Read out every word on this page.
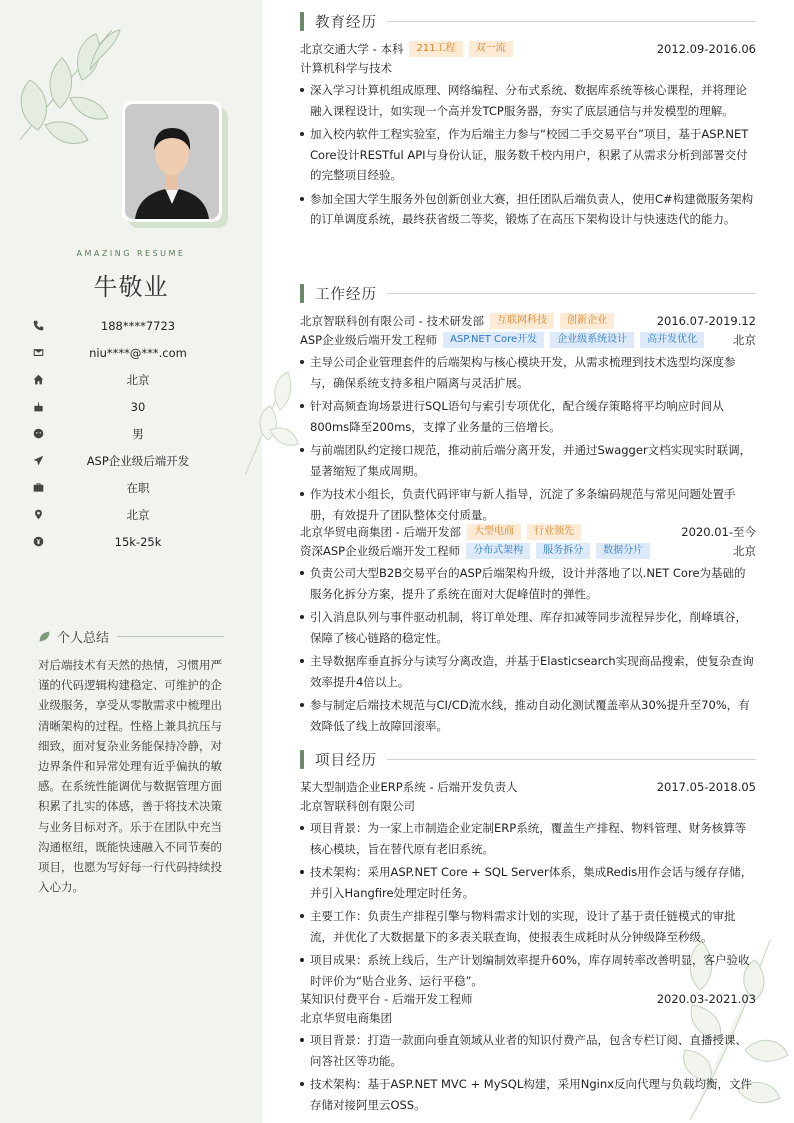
AMAZING RESUME
牛敬业
188****7723
niu****@***.com
北京
30
男
ASP企业级后端开发
在职
北京
15k-25k
个人总结
对后端技术有天然的热情，习惯用严谨的代码逻辑构建稳定、可维护的企业级服务，享受从零散需求中梳理出清晰架构的过程。性格上兼具抗压与细致，面对复杂业务能保持冷静，对边界条件和异常处理有近乎偏执的敏感。在系统性能调优与数据管理方面积累了扎实的体感，善于将技术决策与业务目标对齐。乐于在团队中充当沟通枢纽，既能快速融入不同节奏的项目，也愿为写好每一行代码持续投入心力。
教育经历
北京交通大学 - 本科	211工程	双一流	2012.09-2016.06
计算机科学与技术
深入学习计算机组成原理、网络编程、分布式系统、数据库系统等核心课程，并将理论融入课程设计，如实现一个高并发TCP服务器，夯实了底层通信与并发模型的理解。
加入校内软件工程实验室，作为后端主力参与“校园二手交易平台”项目，基于ASP.NET Core设计RESTful API与身份认证，服务数千校内用户，积累了从需求分析到部署交付的完整项目经验。
参加全国大学生服务外包创新创业大赛，担任团队后端负责人，使用C#构建微服务架构的订单调度系统，最终获省级二等奖，锻炼了在高压下架构设计与快速迭代的能力。
工作经历
北京智联科创有限公司 - 技术研发部	互联网科技	创新企业	2016.07-2019.12
ASP企业级后端开发工程师	ASP.NET Core开发	企业级系统设计	高并发优化	北京
主导公司企业管理套件的后端架构与核心模块开发，从需求梳理到技术选型均深度参与，确保系统支持多租户隔离与灵活扩展。
针对高频查询场景进行SQL语句与索引专项优化，配合缓存策略将平均响应时间从800ms降至200ms，支撑了业务量的三倍增长。
与前端团队约定接口规范，推动前后端分离开发，并通过Swagger文档实现实时联调，显著缩短了集成周期。
作为技术小组长，负责代码评审与新人指导，沉淀了多条编码规范与常见问题处置手册，有效提升了团队整体交付质量。
北京华贸电商集团 - 后端开发部	大型电商	行业领先	2020.01-至今
资深ASP企业级后端开发工程师	分布式架构	服务拆分	数据分片	北京
负责公司大型B2B交易平台的ASP后端架构升级，设计并落地了以.NET Core为基础的服务化拆分方案，提升了系统在面对大促峰值时的弹性。
引入消息队列与事件驱动机制，将订单处理、库存扣减等同步流程异步化，削峰填谷，保障了核心链路的稳定性。
主导数据库垂直拆分与读写分离改造，并基于Elasticsearch实现商品搜索，使复杂查询效率提升4倍以上。
参与制定后端技术规范与CI/CD流水线，推动自动化测试覆盖率从30%提升至70%，有效降低了线上故障回滚率。
项目经历
某大型制造企业ERP系统 - 后端开发负责人	2017.05-2018.05
北京智联科创有限公司
项目背景：为一家上市制造企业定制ERP系统，覆盖生产排程、物料管理、财务核算等核心模块，旨在替代原有老旧系统。
技术架构：采用ASP.NET Core + SQL Server体系，集成Redis用作会话与缓存存储，并引入Hangfire处理定时任务。
主要工作：负责生产排程引擎与物料需求计划的实现，设计了基于责任链模式的审批流，并优化了大数据量下的多表关联查询，使报表生成耗时从分钟级降至秒级。
项目成果：系统上线后，生产计划编制效率提升60%，库存周转率改善明显，客户验收时评价为“贴合业务、运行平稳”。
某知识付费平台 - 后端开发工程师	2020.03-2021.03
北京华贸电商集团
项目背景：打造一款面向垂直领域从业者的知识付费产品，包含专栏订阅、直播授课、问答社区等功能。
技术架构：基于ASP.NET MVC + MySQL构建，采用Nginx反向代理与负载均衡，文件存储对接阿里云OSS。
